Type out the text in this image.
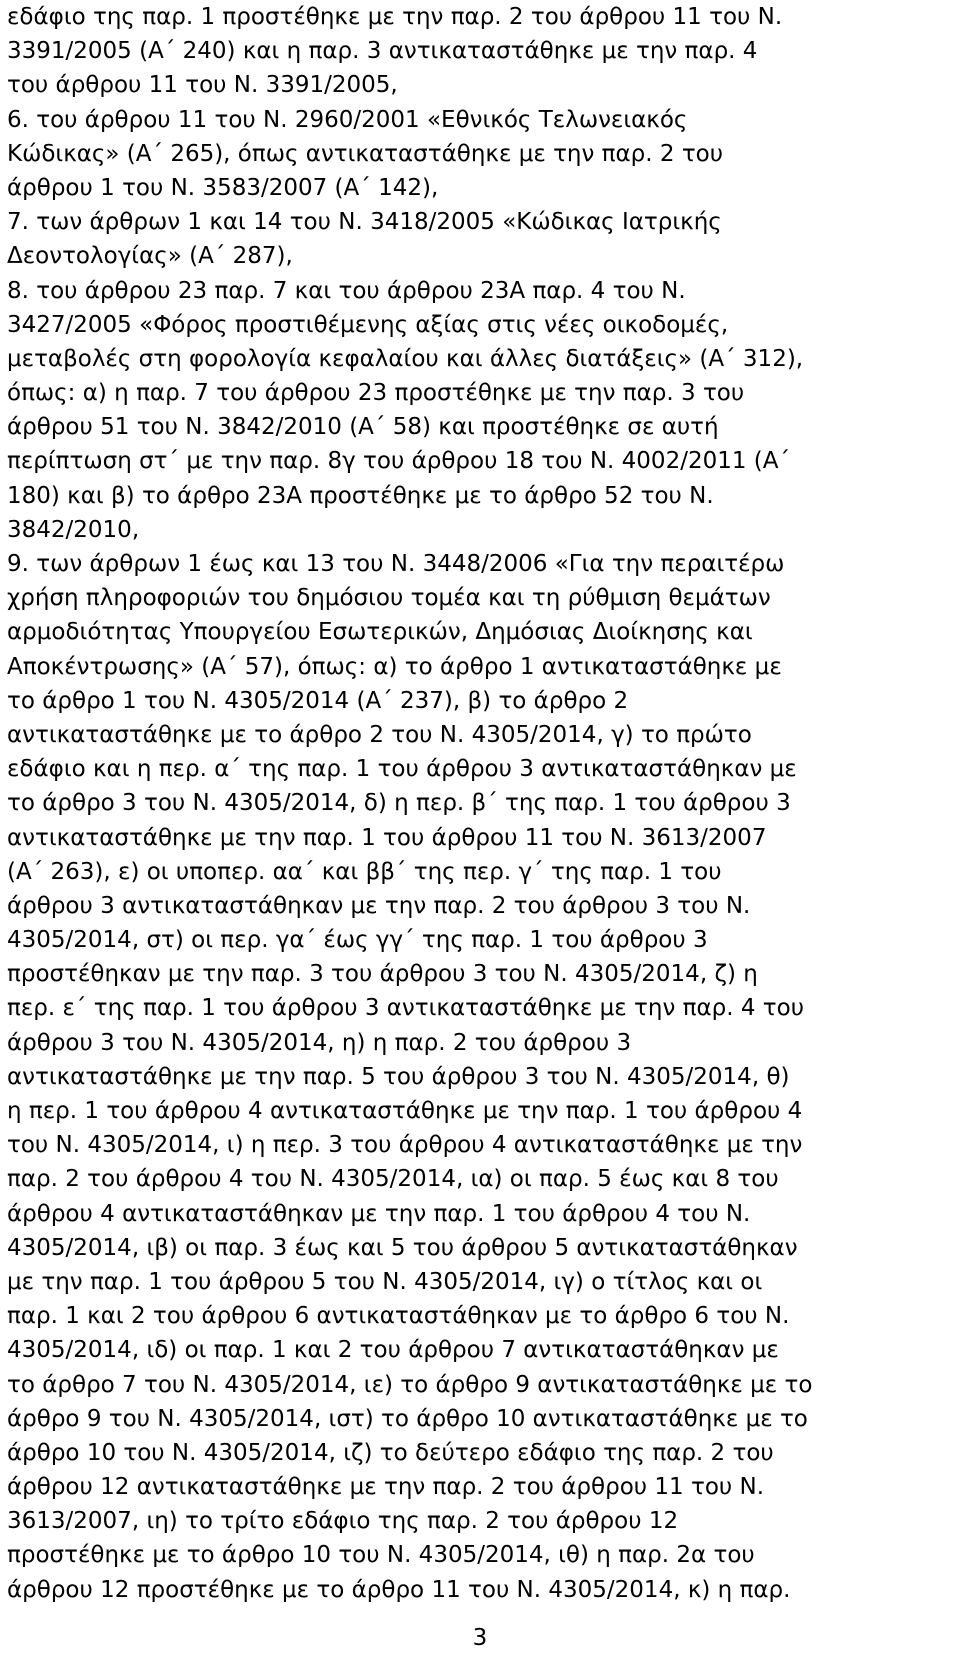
εδάφιο της παρ. 1 προστέθηκε με την παρ. 2 του άρθρου 11 του Ν.
3391/2005 (Α΄ 240) και η παρ. 3 αντικαταστάθηκε με την παρ. 4
του άρθρου 11 του Ν. 3391/2005,
6. του άρθρου 11 του Ν. 2960/2001 «Εθνικός Τελωνειακός
Κώδικας» (Α΄ 265), όπως αντικαταστάθηκε με την παρ. 2 του
άρθρου 1 του Ν. 3583/2007 (Α΄ 142),
7. των άρθρων 1 και 14 του Ν. 3418/2005 «Κώδικας Ιατρικής
Δεοντολογίας» (Α΄ 287),
8. του άρθρου 23 παρ. 7 και του άρθρου 23Α παρ. 4 του Ν.
3427/2005 «Φόρος προστιθέμενης αξίας στις νέες οικοδομές,
μεταβολές στη φορολογία κεφαλαίου και άλλες διατάξεις» (Α΄ 312),
όπως: α) η παρ. 7 του άρθρου 23 προστέθηκε με την παρ. 3 του
άρθρου 51 του Ν. 3842/2010 (Α΄ 58) και προστέθηκε σε αυτή
περίπτωση στ΄ με την παρ. 8γ του άρθρου 18 του Ν. 4002/2011 (Α΄
180) και β) το άρθρο 23Α προστέθηκε με το άρθρο 52 του Ν.
3842/2010,
9. των άρθρων 1 έως και 13 του Ν. 3448/2006 «Για την περαιτέρω
χρήση πληροφοριών του δημόσιου τομέα και τη ρύθμιση θεμάτων
αρμοδιότητας Υπουργείου Εσωτερικών, Δημόσιας Διοίκησης και
Αποκέντρωσης» (Α΄ 57), όπως: α) το άρθρο 1 αντικαταστάθηκε με
το άρθρο 1 του Ν. 4305/2014 (Α΄ 237), β) το άρθρο 2
αντικαταστάθηκε με το άρθρο 2 του Ν. 4305/2014, γ) το πρώτο
εδάφιο και η περ. α΄ της παρ. 1 του άρθρου 3 αντικαταστάθηκαν με
το άρθρο 3 του Ν. 4305/2014, δ) η περ. β΄ της παρ. 1 του άρθρου 3
αντικαταστάθηκε με την παρ. 1 του άρθρου 11 του Ν. 3613/2007
(Α΄ 263), ε) οι υποπερ. αα΄ και ββ΄ της περ. γ΄ της παρ. 1 του
άρθρου 3 αντικαταστάθηκαν με την παρ. 2 του άρθρου 3 του Ν.
4305/2014, στ) οι περ. γα΄ έως γγ΄ της παρ. 1 του άρθρου 3
προστέθηκαν με την παρ. 3 του άρθρου 3 του Ν. 4305/2014, ζ) η
περ. ε΄ της παρ. 1 του άρθρου 3 αντικαταστάθηκε με την παρ. 4 του
άρθρου 3 του Ν. 4305/2014, η) η παρ. 2 του άρθρου 3
αντικαταστάθηκε με την παρ. 5 του άρθρου 3 του Ν. 4305/2014, θ)
η περ. 1 του άρθρου 4 αντικαταστάθηκε με την παρ. 1 του άρθρου 4
του Ν. 4305/2014, ι) η περ. 3 του άρθρου 4 αντικαταστάθηκε με την
παρ. 2 του άρθρου 4 του Ν. 4305/2014, ια) οι παρ. 5 έως και 8 του
άρθρου 4 αντικαταστάθηκαν με την παρ. 1 του άρθρου 4 του Ν.
4305/2014, ιβ) οι παρ. 3 έως και 5 του άρθρου 5 αντικαταστάθηκαν
με την παρ. 1 του άρθρου 5 του Ν. 4305/2014, ιγ) ο τίτλος και οι
παρ. 1 και 2 του άρθρου 6 αντικαταστάθηκαν με το άρθρο 6 του Ν.
4305/2014, ιδ) οι παρ. 1 και 2 του άρθρου 7 αντικαταστάθηκαν με
το άρθρο 7 του Ν. 4305/2014, ιε) το άρθρο 9 αντικαταστάθηκε με το
άρθρο 9 του Ν. 4305/2014, ιστ) το άρθρο 10 αντικαταστάθηκε με το
άρθρο 10 του Ν. 4305/2014, ιζ) το δεύτερο εδάφιο της παρ. 2 του
άρθρου 12 αντικαταστάθηκε με την παρ. 2 του άρθρου 11 του Ν.
3613/2007, ιη) το τρίτο εδάφιο της παρ. 2 του άρθρου 12
προστέθηκε με το άρθρο 10 του Ν. 4305/2014, ιθ) η παρ. 2α του
άρθρου 12 προστέθηκε με το άρθρο 11 του Ν. 4305/2014, κ) η παρ.
3
